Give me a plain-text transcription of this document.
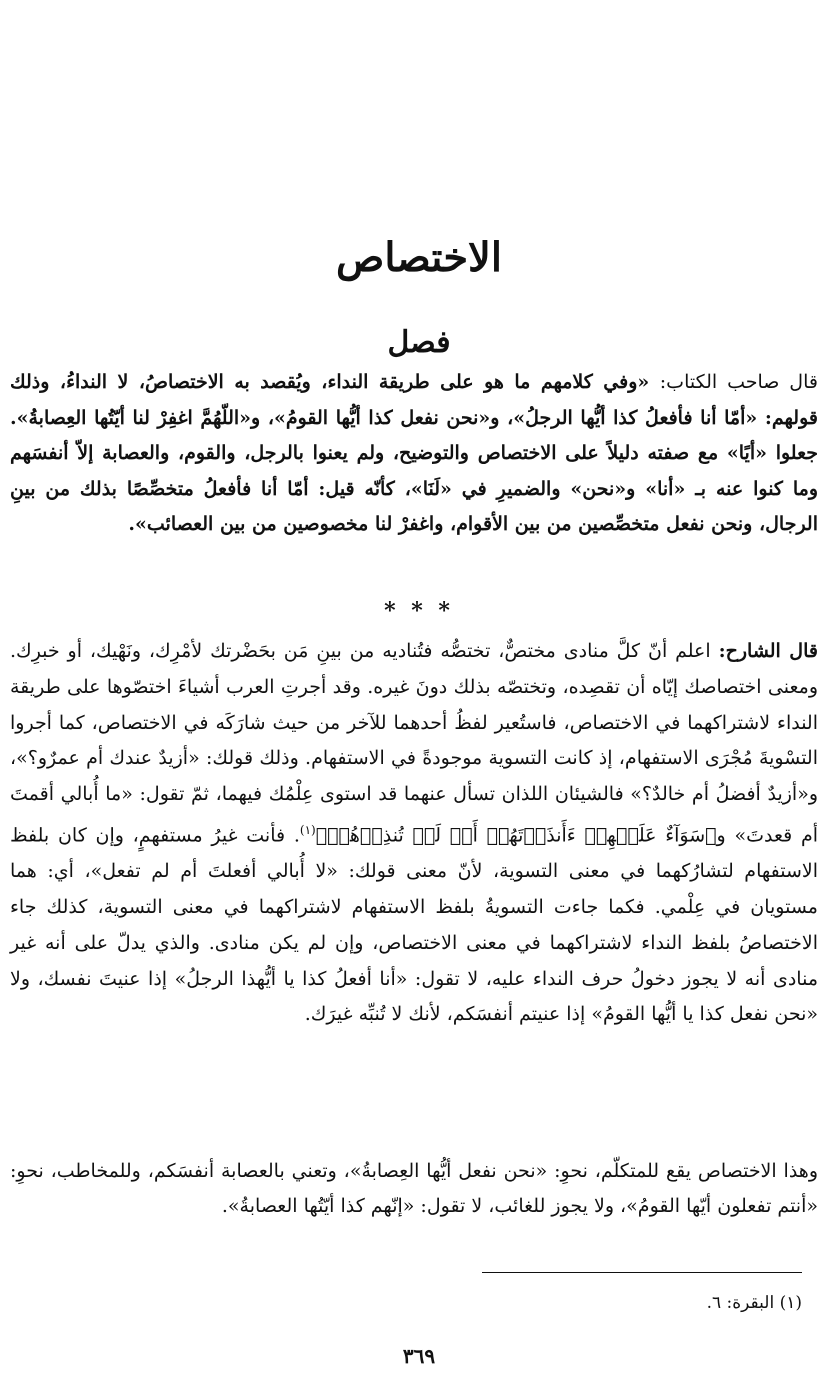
الاختصاص
فصل
قال صاحب الكتاب: «وفي كلامهم ما هو على طريقة النداء، ويُقصد به الاختصاصُ، لا النداءُ، وذلك قولهم: «أمّا أنا فأفعلُ كذا أيُّها الرجلُ»، و«نحن نفعل كذا أيُّها القومُ»، و«اللّهُمَّ اغفِرْ لنا أيّتُها العِصابةُ». جعلوا «أيًا» مع صفته دليلاً على الاختصاص والتوضيح، ولم يعنوا بالرجل، والقوم، والعصابة إلاّ أنفسَهم وما كنوا عنه بـ «أنا» و«نحن» والضميرِ في «لَنَا»، كأنّه قيل: أمّا أنا فأفعلُ متخصِّصًا بذلك من بينِ الرجال، ونحن نفعل متخصِّصين من بين الأقوام، واغفرْ لنا مخصوصين من بين العصائب».
* * *
قال الشارح: اعلم أنّ كلَّ منادى مختصٌّ، تختصُّه فتُناديه من بينِ مَن بحَضْرتك لأمْرِك، ونَهْيك، أو خبرِك. ومعنى اختصاصك إيّاه أن تقصِده، وتختصّه بذلك دونَ غيره. وقد أجرتِ العرب أشياءَ اختصّوها على طريقة النداء لاشتراكهما في الاختصاص، فاستُعير لفظُ أحدهما للآخر من حيث شارَكَه في الاختصاص، كما أجروا التسْويةَ مُجْرَى الاستفهام، إذ كانت التسوية موجودةً في الاستفهام. وذلك قولك: «أزيدٌ عندك أم عمرٌو؟»، و«أزيدٌ أفضلُ أم خالدٌ؟» فالشيئان اللذان تسأل عنهما قد استوى عِلْمُك فيهما، ثمّ تقول: «ما أُبالي أقمتَ أم قعدتَ» و﴿سَوَآءٌ عَلَيۡهِمۡ ءَأَنذَرۡتَهُمۡ أَمۡ لَمۡ تُنذِرۡهُمۡ﴾$^{(١)}$. فأنت غيرُ مستفهمٍ، وإن كان بلفظ الاستفهام لتشارُكهما في معنى التسوية، لأنّ معنى قولك: «لا أُبالي أفعلتَ أم لم تفعل»، أي: هما مستويان في عِلْمي. فكما جاءت التسويةُ بلفظ الاستفهام لاشتراكهما في معنى التسوية، كذلك جاء الاختصاصُ بلفظ النداء لاشتراكهما في معنى الاختصاص، وإن لم يكن منادى. والذي يدلّ على أنه غير منادى أنه لا يجوز دخولُ حرف النداء عليه، لا تقول: «أنا أفعلُ كذا يا أيُّهذا الرجلُ» إذا عنيتَ نفسك، ولا «نحن نفعل كذا يا أيُّها القومُ» إذا عنيتم أنفسَكم، لأنك لا تُنبِّه غيرَك.
وهذا الاختصاص يقع للمتكلّم، نحوِ: «نحن نفعل أيُّها العِصابةُ»، وتعني بالعصابة أنفسَكم، وللمخاطب، نحوِ: «أنتم تفعلون أيّها القومُ»، ولا يجوز للغائب، لا تقول: «إنّهم كذا أيّتُها العصابةُ».
(١) البقرة: ٦.
٣٦٩
